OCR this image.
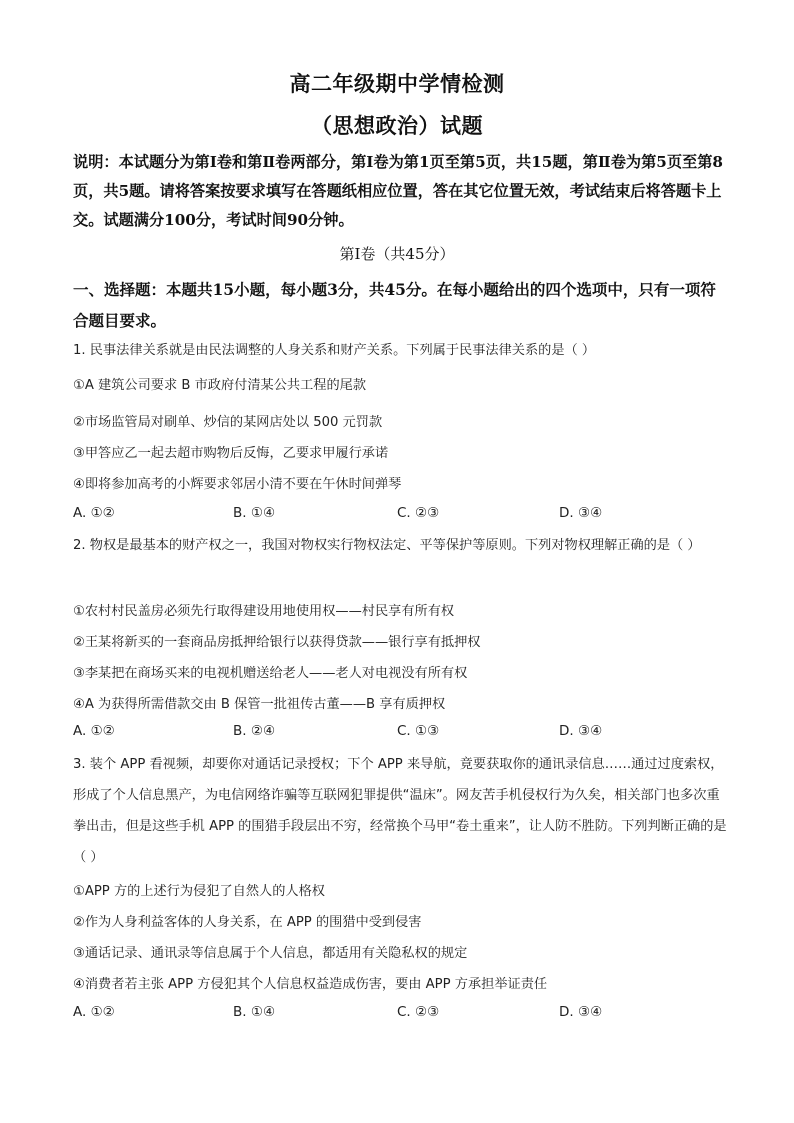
高二年级期中学情检测
（思想政治）试题
说明：本试题分为第Ⅰ卷和第Ⅱ卷两部分，第Ⅰ卷为第1页至第5页，共15题，第Ⅱ卷为第5页至第8页，共5题。请将答案按要求填写在答题纸相应位置，答在其它位置无效，考试结束后将答题卡上交。试题满分100分，考试时间90分钟。
第Ⅰ卷（共45分）
一、选择题：本题共15小题，每小题3分，共45分。在每小题给出的四个选项中，只有一项符合题目要求。
1. 民事法律关系就是由民法调整的人身关系和财产关系。下列属于民事法律关系的是（ ）
①A 建筑公司要求 B 市政府付清某公共工程的尾款
②市场监管局对刷单、炒信的某网店处以 500 元罚款
③甲答应乙一起去超市购物后反悔，乙要求甲履行承诺
④即将参加高考的小辉要求邻居小清不要在午休时间弹琴
A. ①②	B. ①④	C. ②③	D. ③④
2. 物权是最基本的财产权之一，我国对物权实行物权法定、平等保护等原则。下列对物权理解正确的是（ ）
①农村村民盖房必须先行取得建设用地使用权——村民享有所有权
②王某将新买的一套商品房抵押给银行以获得贷款——银行享有抵押权
③李某把在商场买来的电视机赠送给老人——老人对电视没有所有权
④A 为获得所需借款交由 B 保管一批祖传古董——B 享有质押权
A. ①②	B. ②④	C. ①③	D. ③④
3. 装个 APP 看视频，却要你对通话记录授权；下个 APP 来导航，竟要获取你的通讯录信息……通过过度索权，形成了个人信息黑产，为电信网络诈骗等互联网犯罪提供“温床”。网友苦手机侵权行为久矣，相关部门也多次重拳出击，但是这些手机 APP 的围猎手段层出不穷，经常换个马甲“卷土重来”，让人防不胜防。下列判断正确的是（ ）
①APP 方的上述行为侵犯了自然人的人格权
②作为人身利益客体的人身关系，在 APP 的围猎中受到侵害
③通话记录、通讯录等信息属于个人信息，都适用有关隐私权的规定
④消费者若主张 APP 方侵犯其个人信息权益造成伤害，要由 APP 方承担举证责任
A. ①②	B. ①④	C. ②③	D. ③④
